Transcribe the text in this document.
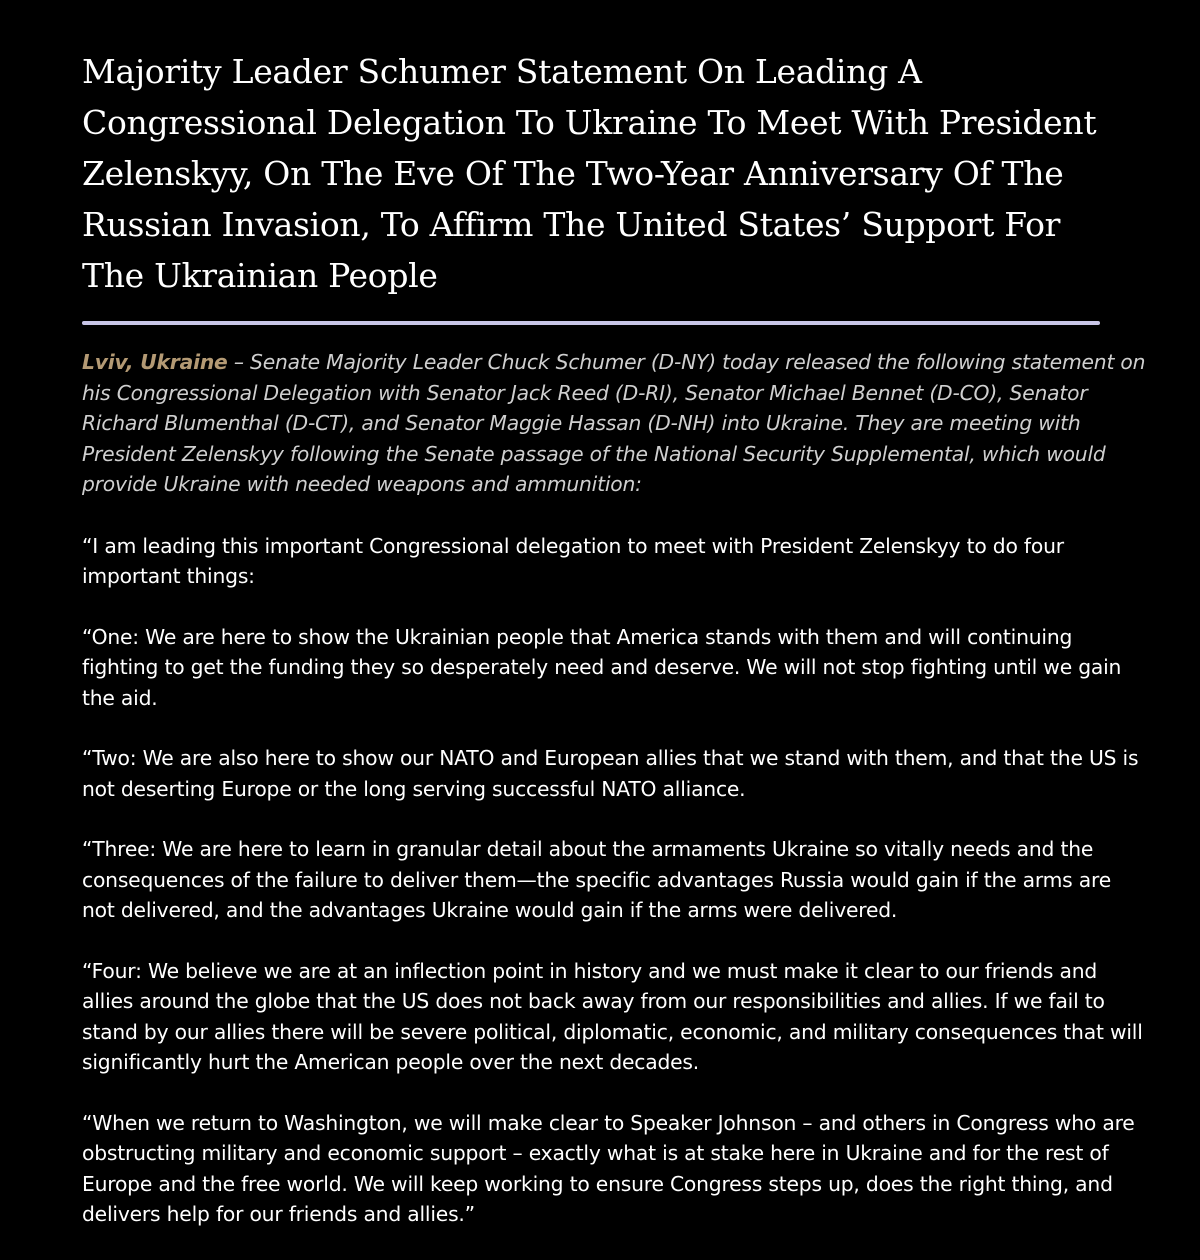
Majority Leader Schumer Statement On Leading A Congressional Delegation To Ukraine To Meet With President Zelenskyy, On The Eve Of The Two-Year Anniversary Of The Russian Invasion, To Affirm The United States’ Support For The Ukrainian People

Lviv, Ukraine – Senate Majority Leader Chuck Schumer (D-NY) today released the following statement on his Congressional Delegation with Senator Jack Reed (D-RI), Senator Michael Bennet (D-CO), Senator Richard Blumenthal (D-CT), and Senator Maggie Hassan (D-NH) into Ukraine. They are meeting with President Zelenskyy following the Senate passage of the National Security Supplemental, which would provide Ukraine with needed weapons and ammunition:

“I am leading this important Congressional delegation to meet with President Zelenskyy to do four important things:

“One: We are here to show the Ukrainian people that America stands with them and will continuing fighting to get the funding they so desperately need and deserve. We will not stop fighting until we gain the aid.

“Two: We are also here to show our NATO and European allies that we stand with them, and that the US is not deserting Europe or the long serving successful NATO alliance.

“Three: We are here to learn in granular detail about the armaments Ukraine so vitally needs and the consequences of the failure to deliver them—the specific advantages Russia would gain if the arms are not delivered, and the advantages Ukraine would gain if the arms were delivered.

“Four: We believe we are at an inflection point in history and we must make it clear to our friends and allies around the globe that the US does not back away from our responsibilities and allies. If we fail to stand by our allies there will be severe political, diplomatic, economic, and military consequences that will significantly hurt the American people over the next decades.

“When we return to Washington, we will make clear to Speaker Johnson – and others in Congress who are obstructing military and economic support – exactly what is at stake here in Ukraine and for the rest of Europe and the free world. We will keep working to ensure Congress steps up, does the right thing, and delivers help for our friends and allies.”
